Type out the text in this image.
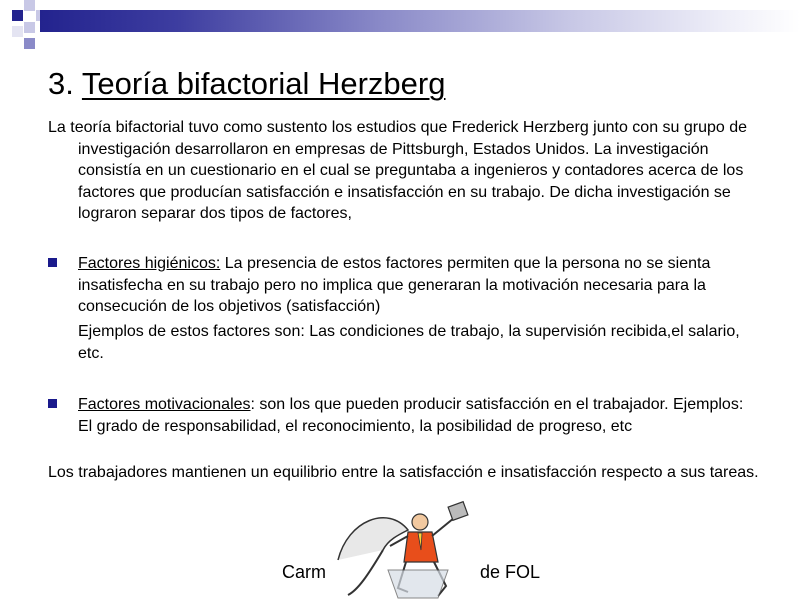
3. Teoría bifactorial Herzberg
La teoría bifactorial tuvo como sustento los estudios que Frederick Herzberg junto con su grupo de investigación desarrollaron en empresas de Pittsburgh, Estados Unidos. La investigación consistía en un cuestionario en el cual se preguntaba a ingenieros y contadores acerca de los factores que producían satisfacción e insatisfacción en su trabajo. De dicha investigación se lograron separar dos tipos de factores,
Factores higiénicos: La presencia de estos factores permiten que la persona no se sienta insatisfecha en su trabajo pero no implica que generaran la motivación necesaria para la consecución de los objetivos (satisfacción)
Ejemplos de estos factores son: Las condiciones de trabajo, la supervisión recibida,el salario, etc.
Factores motivacionales: son los que pueden producir satisfacción en el trabajador. Ejemplos: El grado de responsabilidad, el reconocimiento, la posibilidad de progreso, etc
Los trabajadores mantienen un equilibrio entre la satisfacción e insatisfacción respecto a sus tareas.
Carm	de FOL
